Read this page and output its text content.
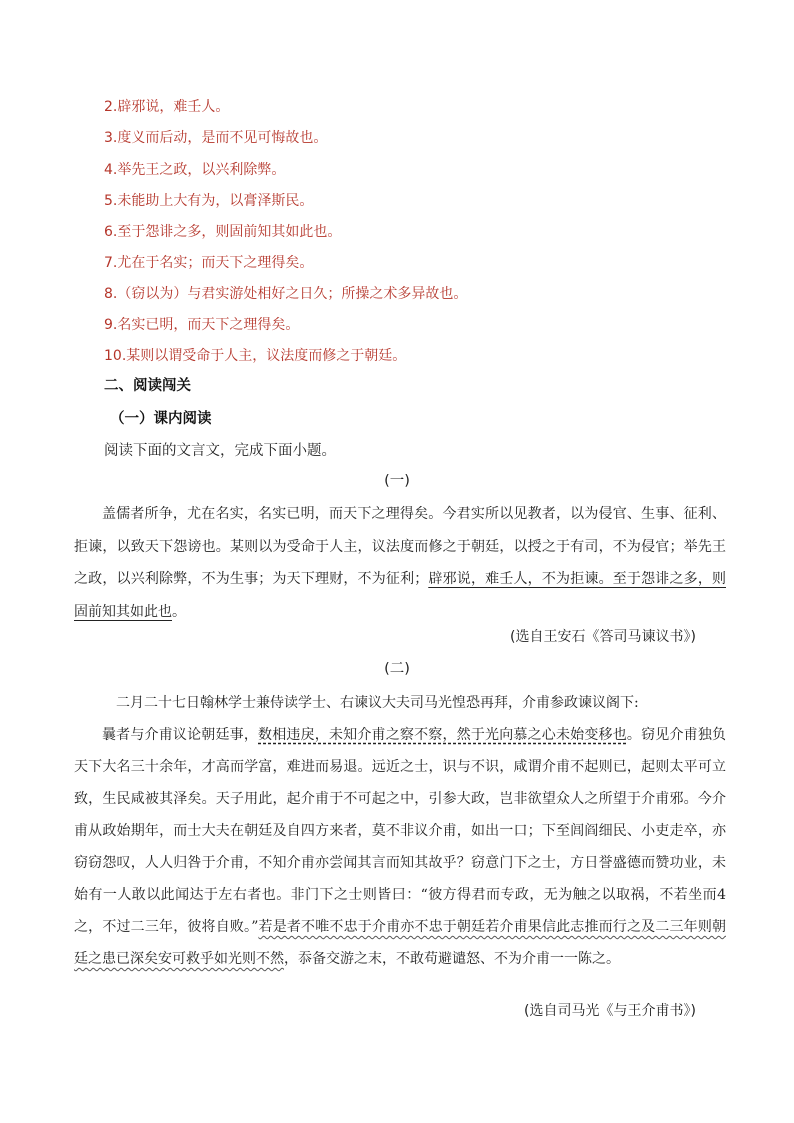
2.辟邪说，难壬人。
3.度义而后动，是而不见可悔故也。
4.举先王之政，以兴利除弊。
5.未能助上大有为，以膏泽斯民。
6.至于怨诽之多，则固前知其如此也。
7.尤在于名实；而天下之理得矣。
8.（窃以为）与君实游处相好之日久；所操之术多异故也。
9.名实已明，而天下之理得矣。
10.某则以谓受命于人主，议法度而修之于朝廷。
二、阅读闯关
（一）课内阅读
阅读下面的文言文，完成下面小题。
(一)

盖儒者所争，尤在名实，名实已明，而天下之理得矣。今君实所以见教者，以为侵官、生事、征利、拒谏，以致天下怨谤也。某则以为受命于人主，议法度而修之于朝廷，以授之于有司，不为侵官；举先王之政，以兴利除弊，不为生事；为天下理财，不为征利；辟邪说，难壬人，不为拒谏。至于怨诽之多，则固前知其如此也。

(选自王安石《答司马谏议书》)
(二)

二月二十七日翰林学士兼侍读学士、右谏议大夫司马光惶恐再拜，介甫参政谏议阁下:

曩者与介甫议论朝廷事，数相违戾，未知介甫之察不察，然于光向慕之心未始变移也。窃见介甫独负天下大名三十余年，才高而学富，难进而易退。远近之士，识与不识，咸谓介甫不起则已，起则太平可立致，生民咸被其泽矣。天子用此，起介甫于不可起之中，引参大政，岂非欲望众人之所望于介甫邪。今介甫从政始期年，而士大夫在朝廷及自四方来者，莫不非议介甫，如出一口；下至闾阎细民、小吏走卒，亦窃窃怨叹，人人归咎于介甫，不知介甫亦尝闻其言而知其故乎？窃意门下之士，方日誉盛德而赞功业，未始有一人敢以此闻达于左右者也。非门下之士则皆曰：“彼方得君而专政，无为触之以取祸，不若坐而4之，不过二三年，彼将自败。”若是者不唯不忠于介甫亦不忠于朝廷若介甫果信此志推而行之及二三年则朝廷之患已深矣安可救乎如光则不然，忝备交游之末，不敢苟避谴怒、不为介甫一一陈之。

(选自司马光《与王介甫书》)
